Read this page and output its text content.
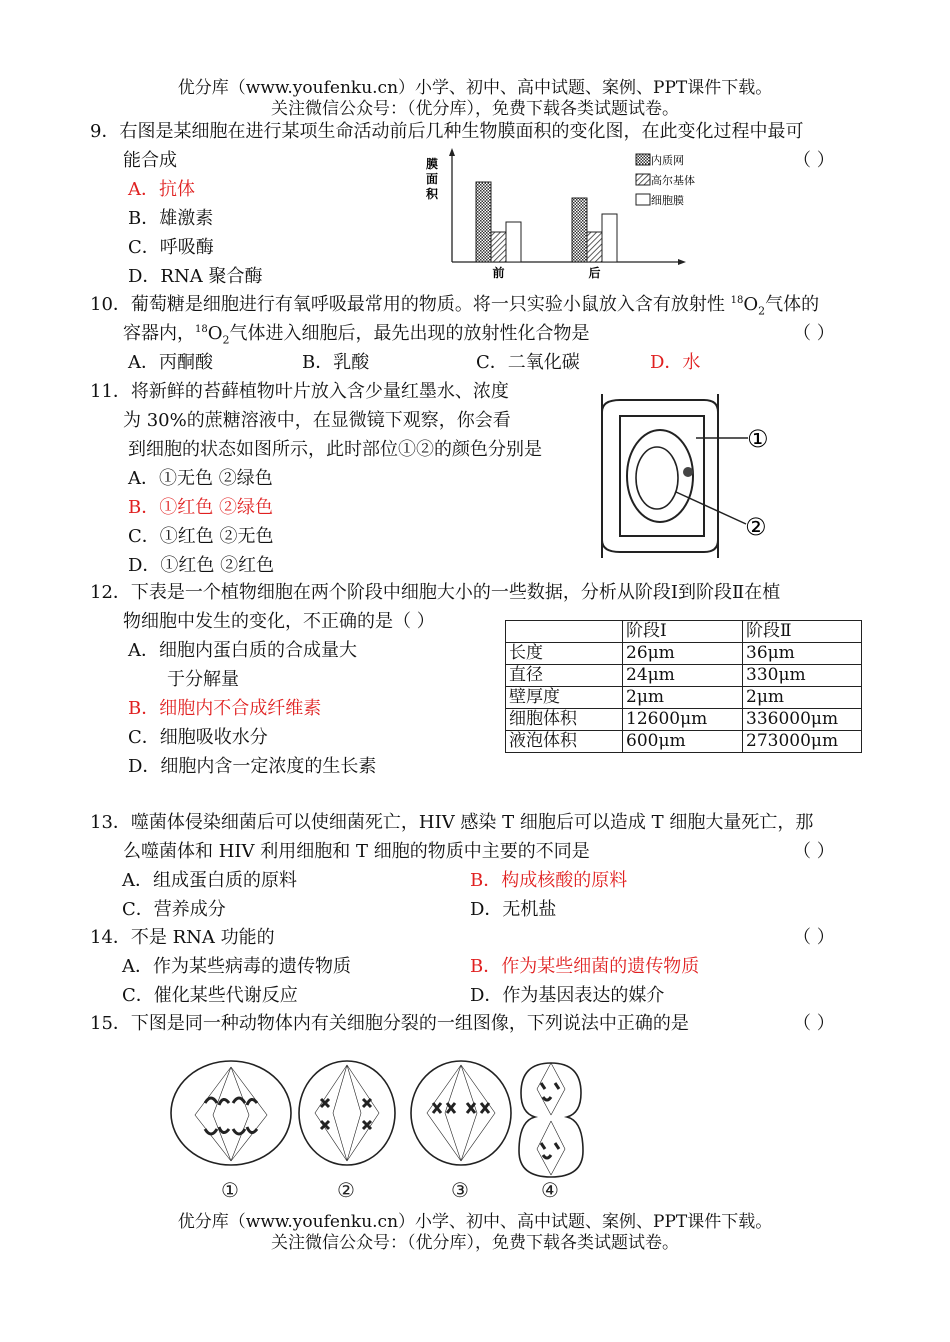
优分库（www.youfenku.cn）小学、初中、高中试题、案例、PPT课件下载。
关注微信公众号：（优分库），免费下载各类试题试卷。
9．右图是某细胞在进行某项生命活动前后几种生物膜面积的变化图，在此变化过程中最可
能合成	（ ）
A．抗体
B．雄激素
C．呼吸酶
D．RNA 聚合酶
膜
面
积
前	后
内质网
高尔基体
细胞膜
10．葡萄糖是细胞进行有氧呼吸最常用的物质。将一只实验小鼠放入含有放射性 $^{18}O_2$气体的
容器内，$^{18}O_2$气体进入细胞后，最先出现的放射性化合物是	（ ）
A．丙酮酸	B．乳酸	C．二氧化碳	D．水
11．将新鲜的苔藓植物叶片放入含少量红墨水、浓度
为 30%的蔗糖溶液中，在显微镜下观察，你会看
到细胞的状态如图所示，此时部位①②的颜色分别是
A．①无色 ②绿色
B．①红色 ②绿色
C．①红色 ②无色
D．①红色 ②红色
①
②
12．下表是一个植物细胞在两个阶段中细胞大小的一些数据，分析从阶段Ⅰ到阶段Ⅱ在植
物细胞中发生的变化，不正确的是（ ）
A．细胞内蛋白质的合成量大
于分解量
B．细胞内不合成纤维素
C．细胞吸收水分
D．细胞内含一定浓度的生长素
	阶段Ⅰ	阶段Ⅱ
长度	26μm	36μm
直径	24μm	330μm
壁厚度	2μm	2μm
细胞体积	12600μm	336000μm
液泡体积	600μm	273000μm
13．噬菌体侵染细菌后可以使细菌死亡，HIV 感染 T 细胞后可以造成 T 细胞大量死亡，那
么噬菌体和 HIV 利用细胞和 T 细胞的物质中主要的不同是	（ ）
A．组成蛋白质的原料	B．构成核酸的原料
C．营养成分	D．无机盐
14．不是 RNA 功能的	（ ）
A．作为某些病毒的遗传物质	B．作为某些细菌的遗传物质
C．催化某些代谢反应	D．作为基因表达的媒介
15．下图是同一种动物体内有关细胞分裂的一组图像，下列说法中正确的是	（ ）
①	②	③	④
优分库（www.youfenku.cn）小学、初中、高中试题、案例、PPT课件下载。
关注微信公众号：（优分库），免费下载各类试题试卷。
